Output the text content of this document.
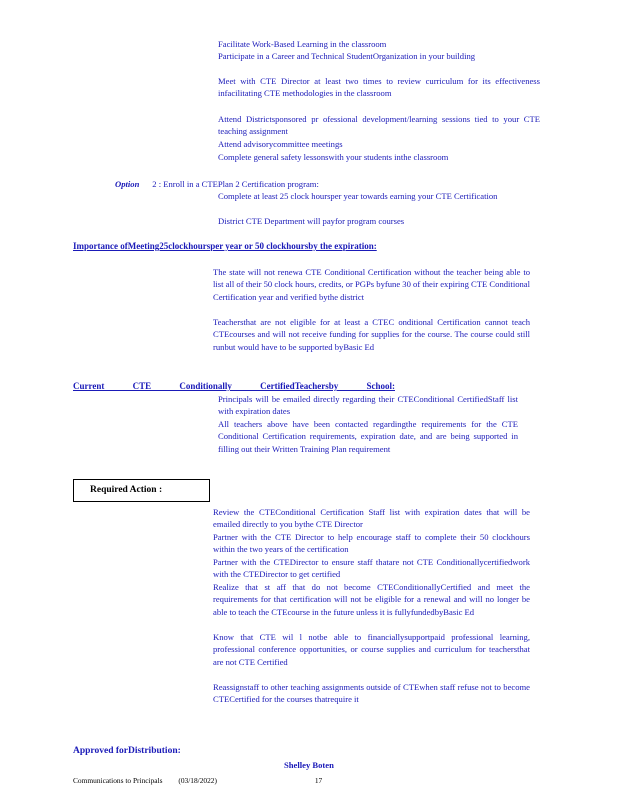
Facilitate Work-Based Learning in the classroom
Participate in a Career and Technical StudentOrganization in your building
Meet with CTE Director at least two times to review curriculum for its effectiveness infacilitating CTE methodologies in the classroom
Attend Districtsponsored pr ofessional development/learning sessions tied to your CTE teaching assignment
Attend advisorycommittee meetings
Complete general safety lessonswith your students inthe classroom
Option 2 : Enroll in a CTEPlan 2 Certification program:
Complete at least 25 clock hoursper year towards earning your CTE Certification
District CTE Department will payfor program courses
Importance ofMeeting25clockhoursper year or 50 clockhoursby the expiration:
The state will not renewa CTE Conditional Certification without the teacher being able to list all of their 50 clock hours, credits, or PGPs byfune 30 of their expiring CTE Conditional Certification year and verified bythe district
Teachersthat are not eligible for at least a CTEC onditional Certification cannot teach CTEcourses and will not receive funding for supplies for the course. The course could still runbut would have to be supported byBasic Ed
Current CTE Conditionally CertifiedTeachersby School:
Principals will be emailed directly regarding their CTEConditional CertifiedStaff list with expiration dates
All teachers above have been contacted regardingthe requirements for the CTE Conditional Certification requirements, expiration date, and are being supported in filling out their Written Training Plan requirement
Required Action :
Review the CTEConditional Certification Staff list with expiration dates that will be emailed directly to you bythe CTE Director
Partner with the CTE Director to help encourage staff to complete their 50 clockhours within the two years of the certification
Partner with the CTEDirector to ensure staff thatare not CTE Conditionallycertifiedwork with the CTEDirector to get certified
Realize that st aff that do not become CTEConditionallyCertified and meet the requirements for that certification will not be eligible for a renewal and will no longer be able to teach the CTEcourse in the future unless it is fullyfundedbyBasic Ed
Know that CTE wil l notbe able to financiallysupportpaid professional learning, professional conference opportunities, or course supplies and curriculum for teachersthat are not CTE Certified
Reassignstaff to other teaching assignments outside of CTEwhen staff refuse not to become CTECertified for the courses thatrequire it
Approved forDistribution:
Shelley Boten
Communications to Principals (03/18/2022)	17
